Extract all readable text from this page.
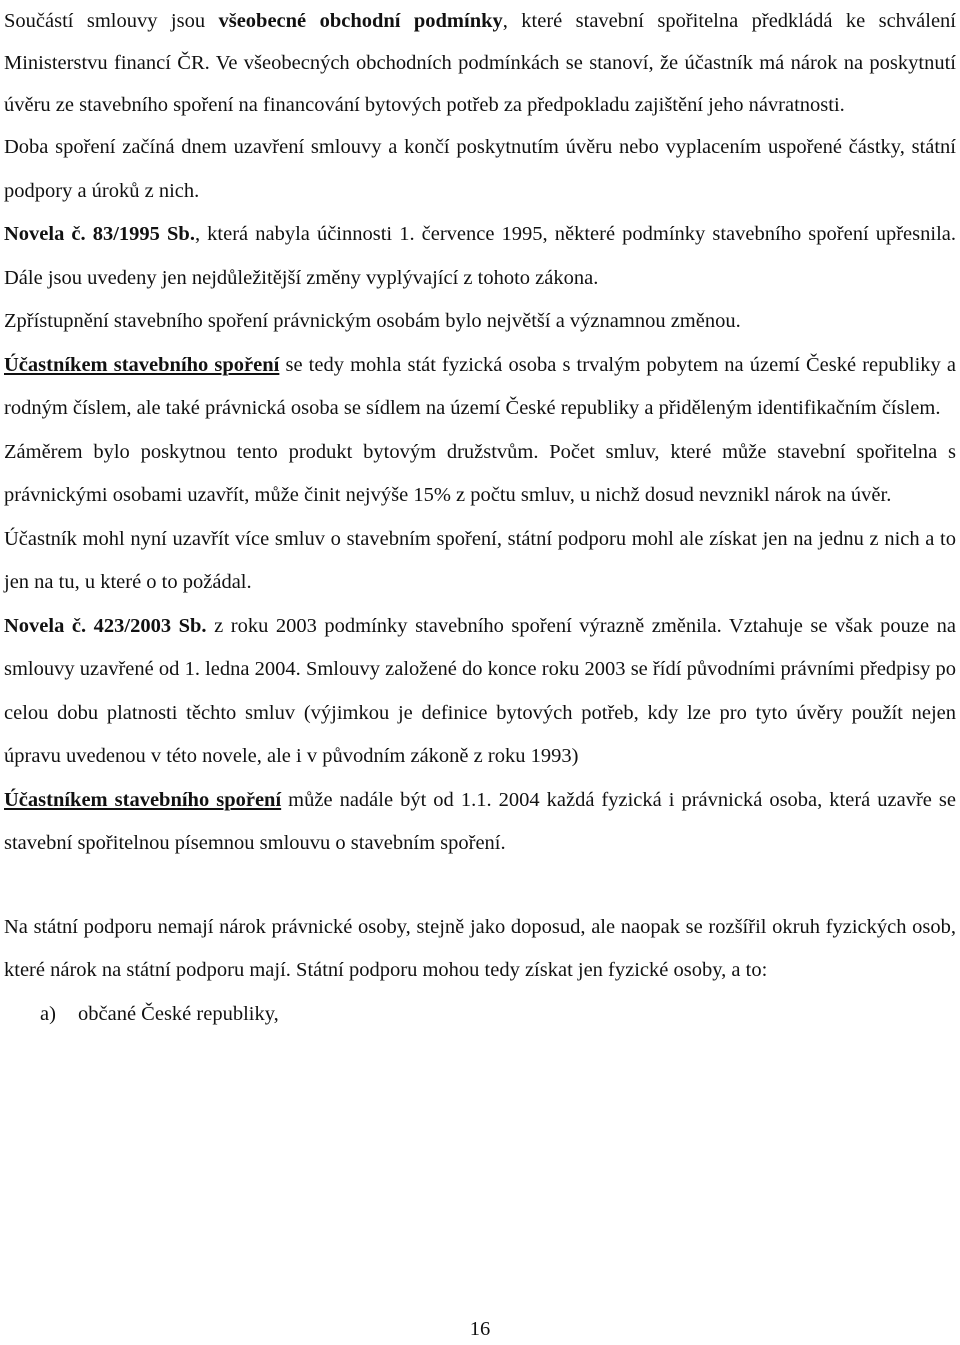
Součástí smlouvy jsou všeobecné obchodní podmínky, které stavební spořitelna předkládá ke schválení Ministerstvu financí ČR. Ve všeobecných obchodních podmínkách se stanoví, že účastník má nárok na poskytnutí úvěru ze stavebního spoření na financování bytových potřeb za předpokladu zajištění jeho návratnosti.

Doba spoření začíná dnem uzavření smlouvy a končí poskytnutím úvěru nebo vyplacením uspořené částky, státní podpory a úroků z nich.

Novela č. 83/1995 Sb., která nabyla účinnosti 1. července 1995, některé podmínky stavebního spoření upřesnila. Dále jsou uvedeny jen nejdůležitější změny vyplývající z tohoto zákona.

Zpřístupnění stavebního spoření právnickým osobám bylo největší a významnou změnou.

Účastníkem stavebního spoření se tedy mohla stát fyzická osoba s trvalým pobytem na území České republiky a rodným číslem, ale také právnická osoba se sídlem na území České republiky a přiděleným identifikačním číslem.

Záměrem bylo poskytnou tento produkt bytovým družstvům. Počet smluv, které může stavební spořitelna s právnickými osobami uzavřít, může činit nejvýše 15% z počtu smluv, u nichž dosud nevznikl nárok na úvěr.

Účastník mohl nyní uzavřít více smluv o stavebním spoření, státní podporu mohl ale získat jen na jednu z nich a to jen na tu, u které o to požádal.

Novela č. 423/2003 Sb. z roku 2003 podmínky stavebního spoření výrazně změnila. Vztahuje se však pouze na smlouvy uzavřené od 1. ledna 2004. Smlouvy založené do konce roku 2003 se řídí původními právními předpisy po celou dobu platnosti těchto smluv (výjimkou je definice bytových potřeb, kdy lze pro tyto úvěry použít nejen úpravu uvedenou v této novele, ale i v původním zákoně z roku 1993)

Účastníkem stavebního spoření může nadále být od 1.1. 2004 každá fyzická i právnická osoba, která uzavře se stavební spořitelnou písemnou smlouvu o stavebním spoření.

Na státní podporu nemají nárok právnické osoby, stejně jako doposud, ale naopak se rozšířil okruh fyzických osob, které nárok na státní podporu mají. Státní podporu mohou tedy získat jen fyzické osoby, a to:

a) občané České republiky,

16
